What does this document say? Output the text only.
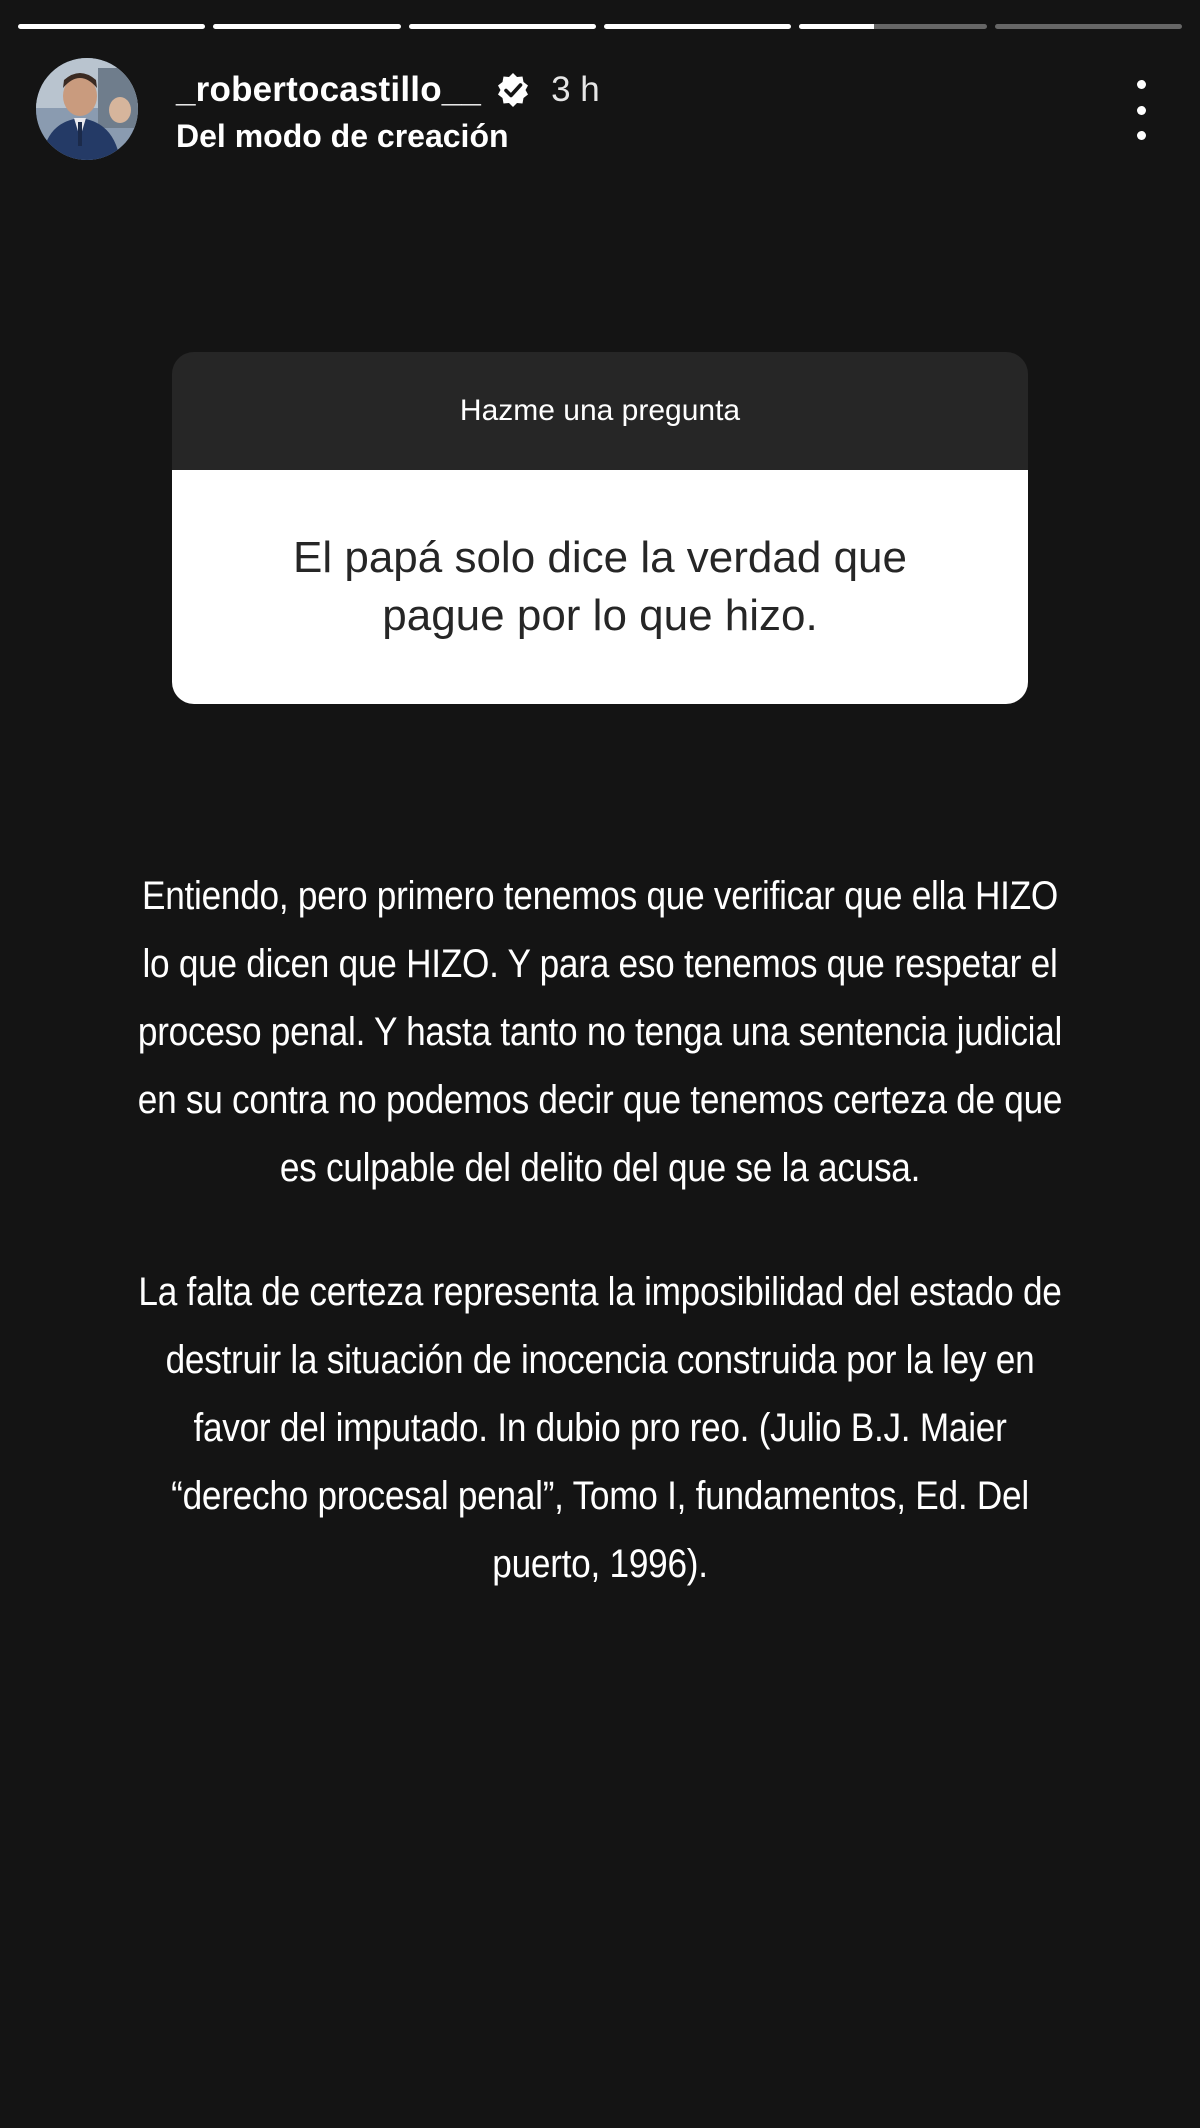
_robertocastillo__ 3 h
Del modo de creación
Hazme una pregunta
El papá solo dice la verdad que pague por lo que hizo.
Entiendo, pero primero tenemos que verificar que ella HIZO lo que dicen que HIZO. Y para eso tenemos que respetar el proceso penal. Y hasta tanto no tenga una sentencia judicial en su contra no podemos decir que tenemos certeza de que es culpable del delito del que se la acusa.
La falta de certeza representa la imposibilidad del estado de destruir la situación de inocencia construida por la ley en favor del imputado. In dubio pro reo. (Julio B.J. Maier “derecho procesal penal”, Tomo I, fundamentos, Ed. Del puerto, 1996).
